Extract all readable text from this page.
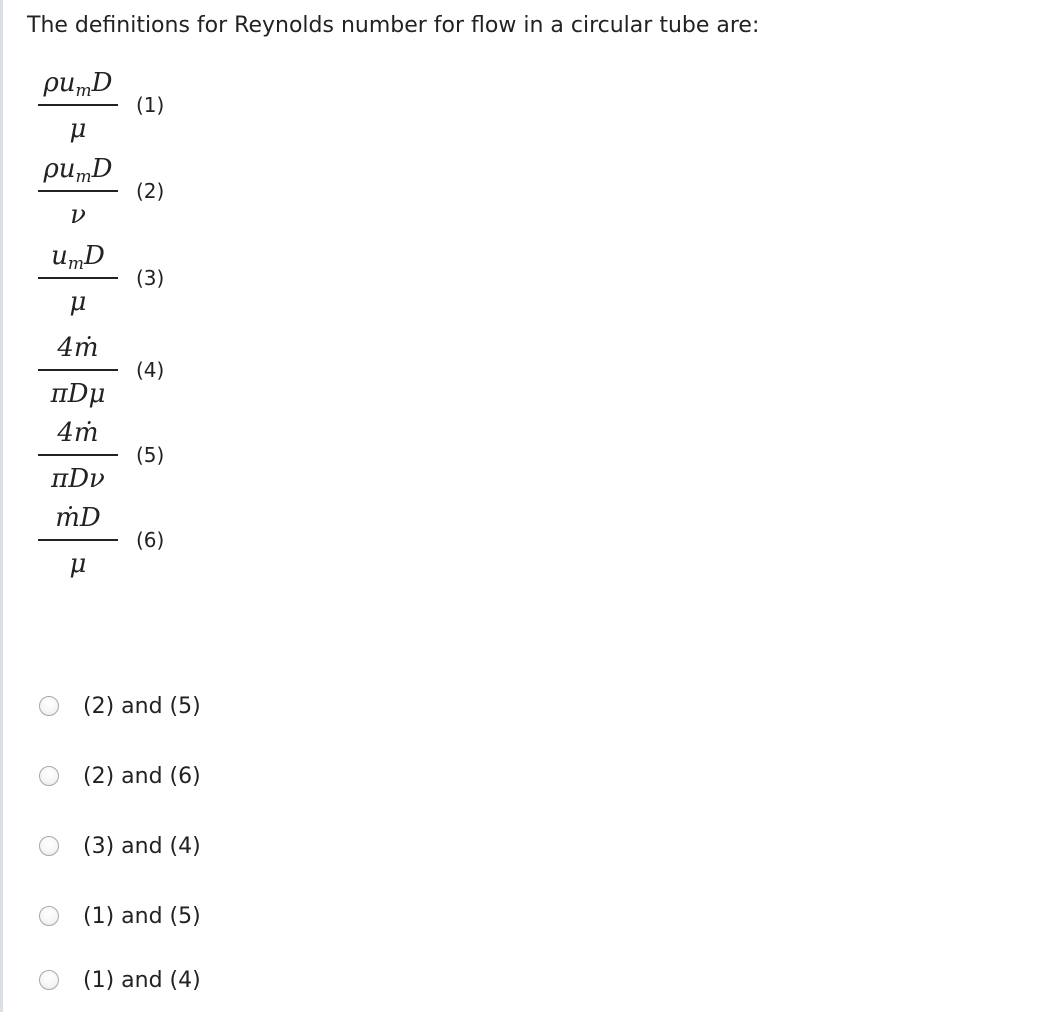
The definitions for Reynolds number for flow in a circular tube are:
$\rho u_mD$
μ
(1)
$\rho u_mD$
ν
(2)
$u_mD$
μ
(3)
4ṁ
πDμ
(4)
4ṁ
πDν
(5)
ṁD
μ
(6)
(2) and (5)
(2) and (6)
(3) and (4)
(1) and (5)
(1) and (4)
